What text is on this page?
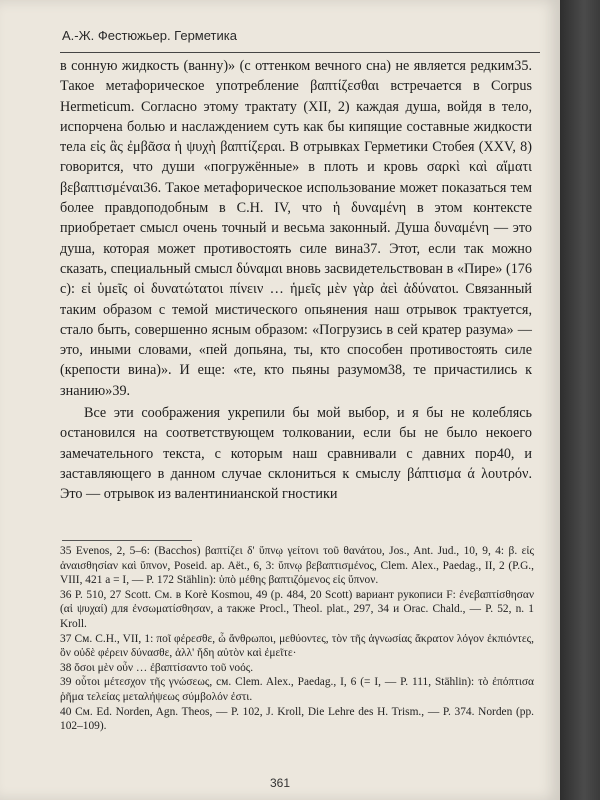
А.-Ж. Фестюжьер. Герметика

в сонную жидкость (ванну)» (с оттенком вечного сна) не является редким35. Такое метафорическое употребление βαπτίζεσθαι встречается в Corpus Hermeticum. Согласно этому трактату (XII, 2) каждая душа, войдя в тело, испорчена болью и наслаждением суть как бы кипящие составные жидкости тела εἰς ἃς ἐμβᾶσα ἡ ψυχὴ βαπτίζεραι. В отрывках Герметики Стобея (XXV, 8) говорится, что души «погружённые» в плоть и кровь σαρκὶ καὶ αἵματι βεβαπτισμέναι36. Такое метафорическое использование может показаться тем более правдоподобным в C.H. IV, что ἡ δυναμένη в этом контексте приобретает смысл очень точный и весьма законный. Душа δυναμένη — это душа, которая может противостоять силе вина37. Этот, если так можно сказать, специальный смысл δύναμαι вновь засвидетельствован в «Пире» (176 с): εἰ ὑμεῖς οἱ δυνατώτατοι πίνειν … ἡμεῖς μὲν γὰρ ἀεὶ ἀδύνατοι. Связанный таким образом с темой мистического опьянения наш отрывок трактуется, стало быть, совершенно ясным образом: «Погрузись в сей кратер разума» — это, иными словами, «пей допьяна, ты, кто способен противостоять силе (крепости вина)». И еще: «те, кто пьяны разумом38, те причастились к знанию»39.

Все эти соображения укрепили бы мой выбор, и я бы не колеблясь остановился на соответствующем толковании, если бы не было некоего замечательного текста, с которым наш сравнивали с давних пор40, и заставляющего в данном случае склониться к смыслу βάπτισμα ά λουτρόν. Это — отрывок из валентинианской гностики

35 Evenos, 2, 5–6: (Bacchos) βαπτίζει δ' ὕπνῳ γείτονι τοῦ θανάτου, Jos., Ant. Jud., 10, 9, 4: β. εἰς ἀναισθησίαν καὶ ὕπνον, Poseid. ap. Aët., 6, 3: ὕπνῳ βεβαπτισμένος, Clem. Alex., Paedag., II, 2 (P.G., VIII, 421 a = I, — P. 172 Stählin): ὑπὸ μέθης βαπτιζόμενος εἰς ὕπνον.

36 P. 510, 27 Scott. См. в Korè Kosmou, 49 (p. 484, 20 Scott) вариант рукописи F: ἐνεβαπτίσθησαν (αἱ ψυχαί) для ἐνσωματίσθησαν, а также Procl., Theol. plat., 297, 34 и Orac. Chald., — P. 52, n. 1 Kroll.

37 См. C.H., VII, 1: ποῖ φέρεσθε, ὦ ἄνθρωποι, μεθύοντες, τὸν τῆς ἀγνωσίας ἄκρατον λόγον ἐκπιόντες, ὃν οὐδὲ φέρειν δύνασθε, ἀλλ' ἤδη αὐτὸν καὶ ἐμεῖτε·

38 ὅσοι μὲν οὖν … ἐβαπτίσαντο τοῦ νοός.

39 οὗτοι μέτεσχον τῆς γνώσεως, см. Clem. Alex., Paedag., I, 6 (= I, — P. 111, Stählin): τὸ ἐπόπτισα ῥῆμα τελείας μεταλήψεως σύμβολόν ἐστι.

40 См. Ed. Norden, Agn. Theos, — P. 102, J. Kroll, Die Lehre des H. Trism., — P. 374. Norden (pp. 102–109).

361
